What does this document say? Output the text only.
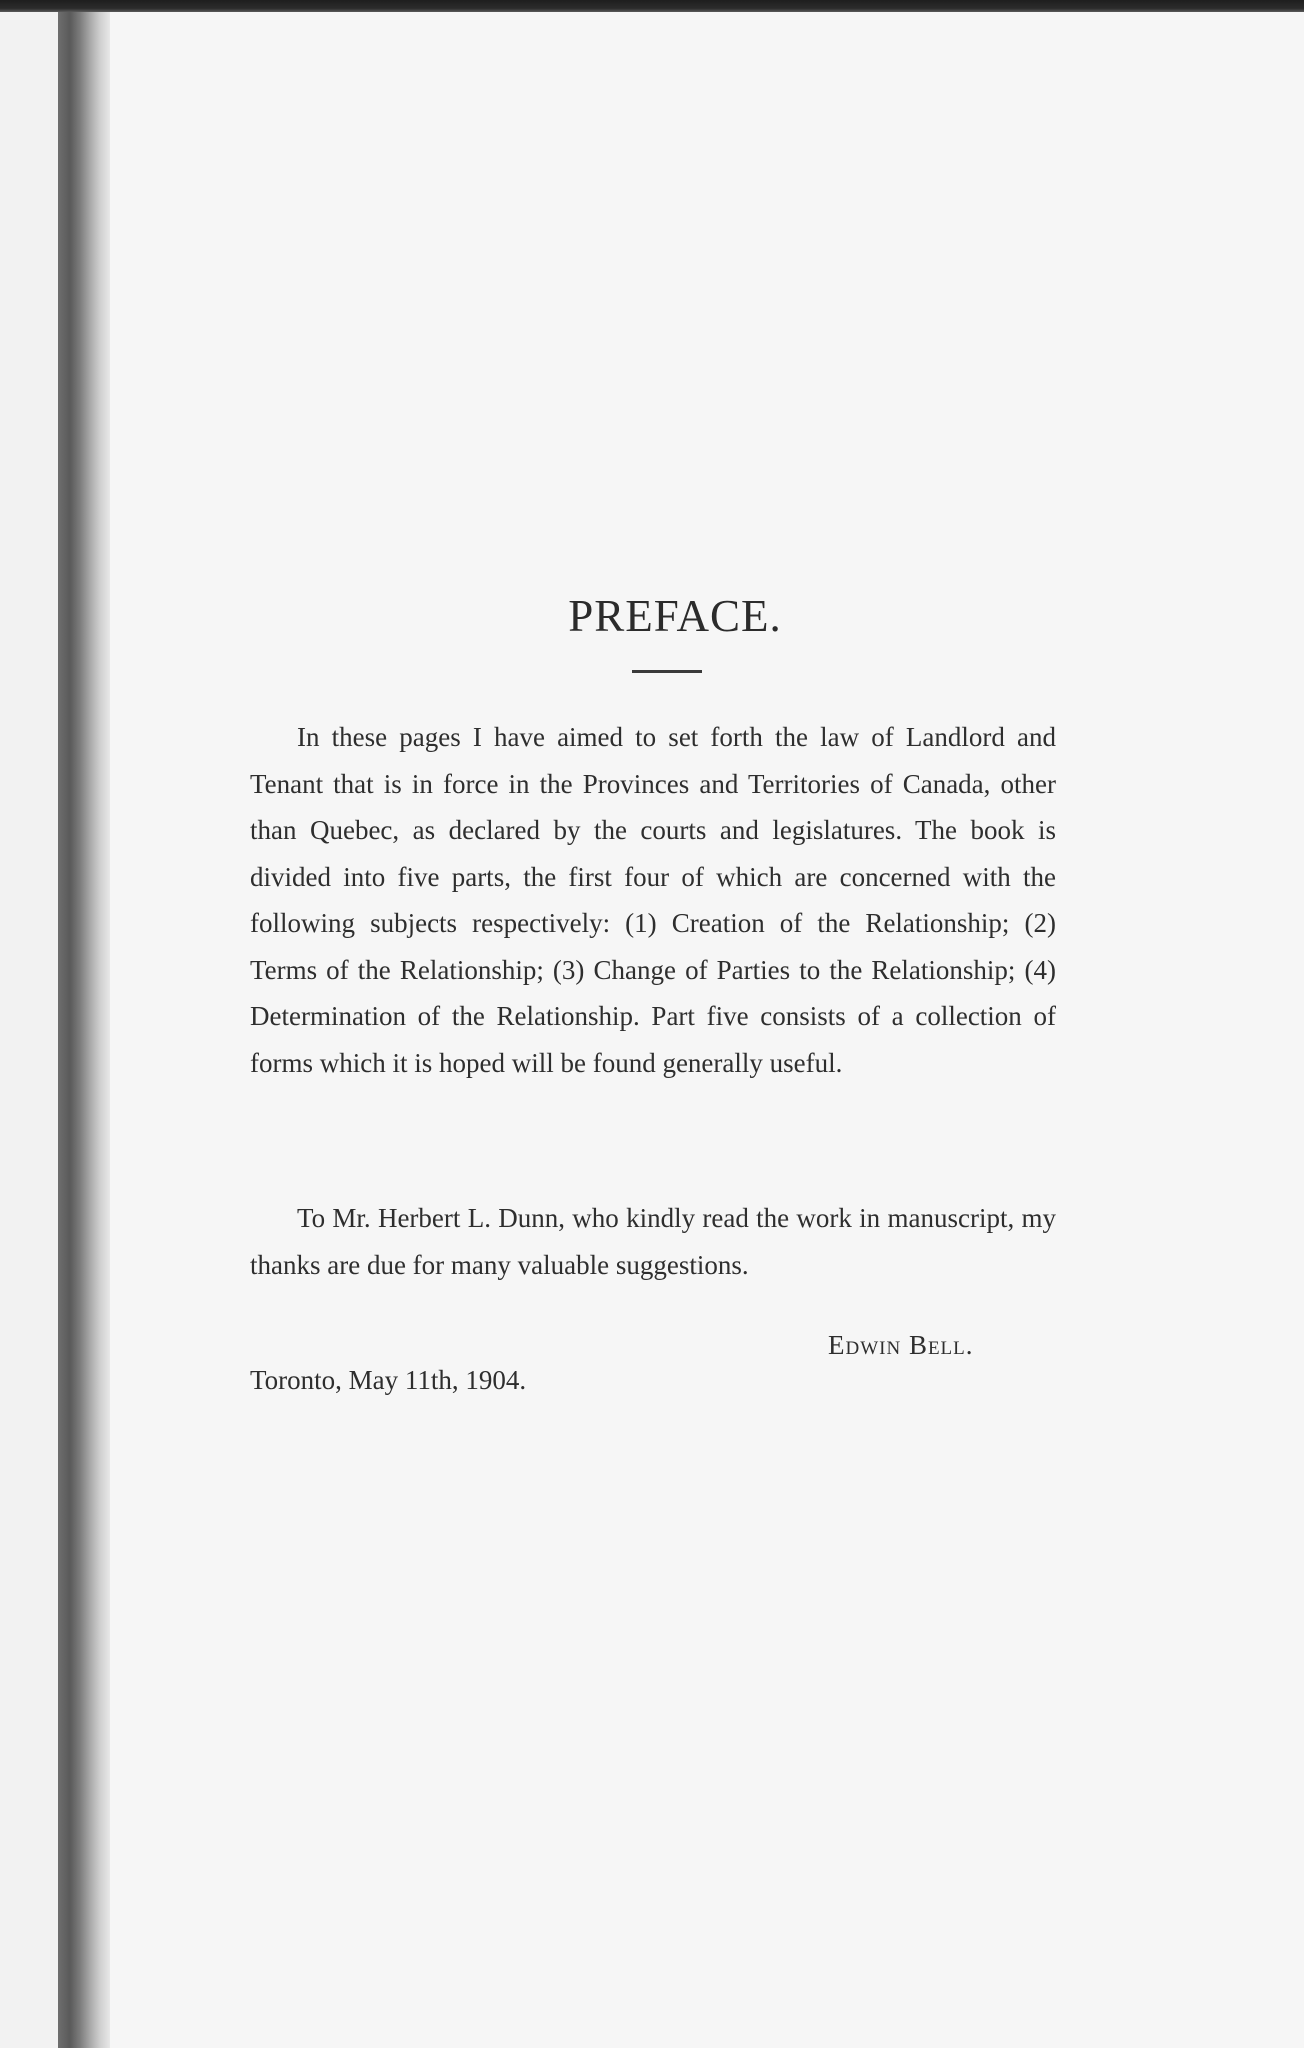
PREFACE.

In these pages I have aimed to set forth the law of Landlord and Tenant that is in force in the Provinces and Territories of Canada, other than Quebec, as declared by the courts and legislatures. The book is divided into five parts, the first four of which are concerned with the following subjects respectively: (1) Creation of the Relationship; (2) Terms of the Relationship; (3) Change of Parties to the Relationship; (4) Determination of the Relationship. Part five consists of a collection of forms which it is hoped will be found generally useful.

To Mr. Herbert L. Dunn, who kindly read the work in manuscript, my thanks are due for many valuable suggestions.

Edwin Bell.
Toronto, May 11th, 1904.
